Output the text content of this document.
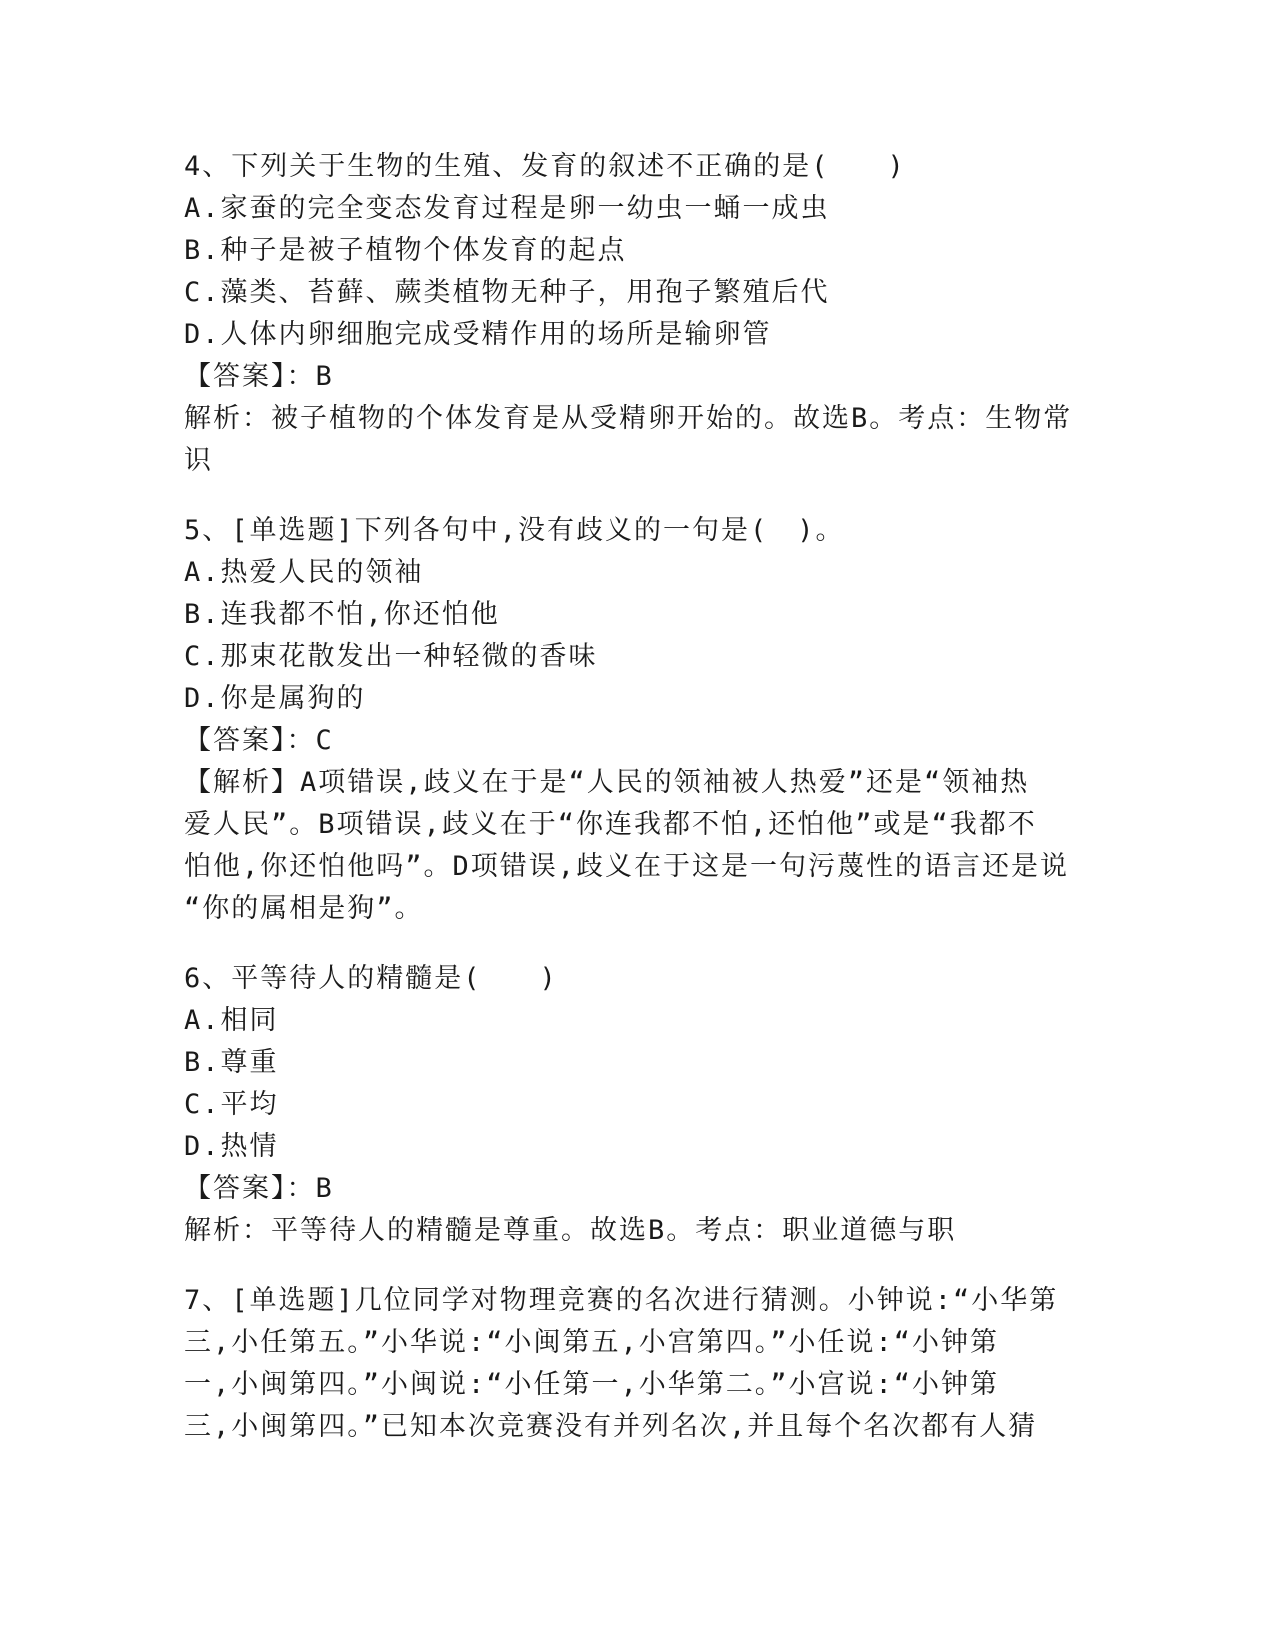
4、下列关于生物的生殖、发育的叙述不正确的是(　　)
A.家蚕的完全变态发育过程是卵一幼虫一蛹一成虫
B.种子是被子植物个体发育的起点
C.藻类、苔藓、蕨类植物无种子，用孢子繁殖后代
D.人体内卵细胞完成受精作用的场所是输卵管
【答案】：B
解析：被子植物的个体发育是从受精卵开始的。故选B。考点：生物常
识
5、[单选题]下列各句中,没有歧义的一句是(　)。
A.热爱人民的领袖
B.连我都不怕,你还怕他
C.那束花散发出一种轻微的香味
D.你是属狗的
【答案】：C
【解析】A项错误,歧义在于是“人民的领袖被人热爱”还是“领袖热
爱人民”。B项错误,歧义在于“你连我都不怕,还怕他”或是“我都不
怕他,你还怕他吗”。D项错误,歧义在于这是一句污蔑性的语言还是说
“你的属相是狗”。
6、平等待人的精髓是(　　)
A.相同
B.尊重
C.平均
D.热情
【答案】：B
解析：平等待人的精髓是尊重。故选B。考点：职业道德与职
7、[单选题]几位同学对物理竞赛的名次进行猜测。小钟说:“小华第
三,小任第五。”小华说:“小闽第五,小宫第四。”小任说:“小钟第
一,小闽第四。”小闽说:“小任第一,小华第二。”小宫说:“小钟第
三,小闽第四。”已知本次竞赛没有并列名次,并且每个名次都有人猜
